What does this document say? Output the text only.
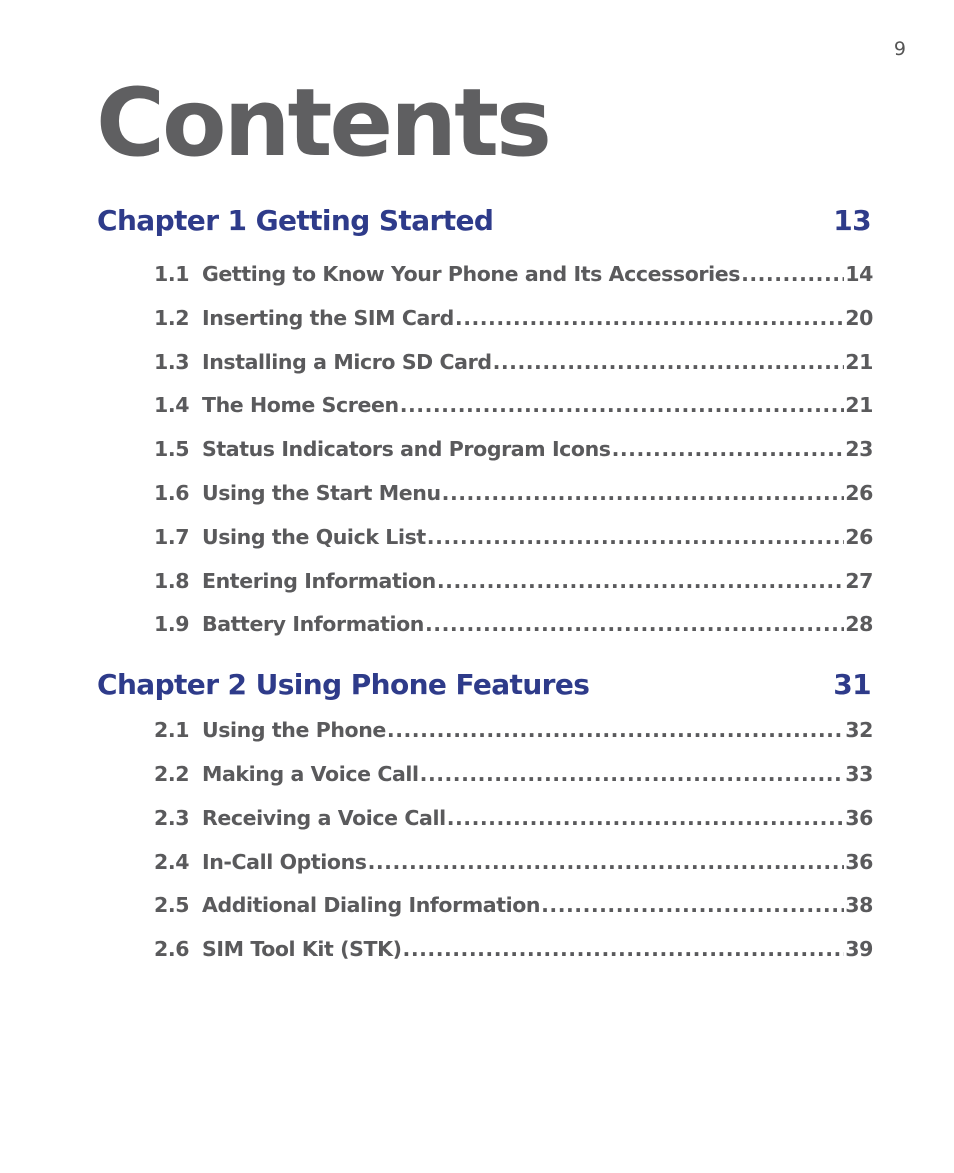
9
Contents
Chapter 1 Getting Started	13
1.1 Getting to Know Your Phone and Its Accessories .....	14
1.2 Inserting the SIM Card .....	20
1.3 Installing a Micro SD Card .....	21
1.4 The Home Screen .....	21
1.5 Status Indicators and Program Icons .....	23
1.6 Using the Start Menu .....	26
1.7 Using the Quick List .....	26
1.8 Entering Information .....	27
1.9 Battery Information .....	28
Chapter 2 Using Phone Features	31
2.1 Using the Phone .....	32
2.2 Making a Voice Call .....	33
2.3 Receiving a Voice Call .....	36
2.4 In-Call Options .....	36
2.5 Additional Dialing Information .....	38
2.6 SIM Tool Kit (STK) .....	39
